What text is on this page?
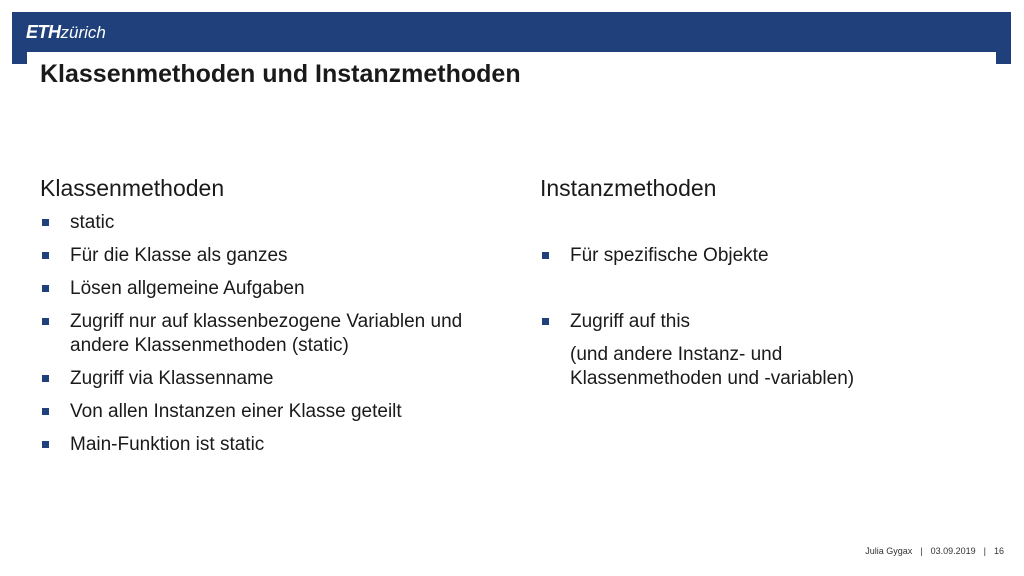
ETHzürich
Klassenmethoden und Instanzmethoden
Klassenmethoden
static
Für die Klasse als ganzes
Lösen allgemeine Aufgaben
Zugriff nur auf klassenbezogene Variablen und andere Klassenmethoden (static)
Zugriff via Klassenname
Von allen Instanzen einer Klasse geteilt
Main-Funktion ist static
Instanzmethoden
Für spezifische Objekte
Zugriff auf this
(und andere Instanz- und
Klassenmethoden und -variablen)
Julia Gygax | 03.09.2019 | 16
